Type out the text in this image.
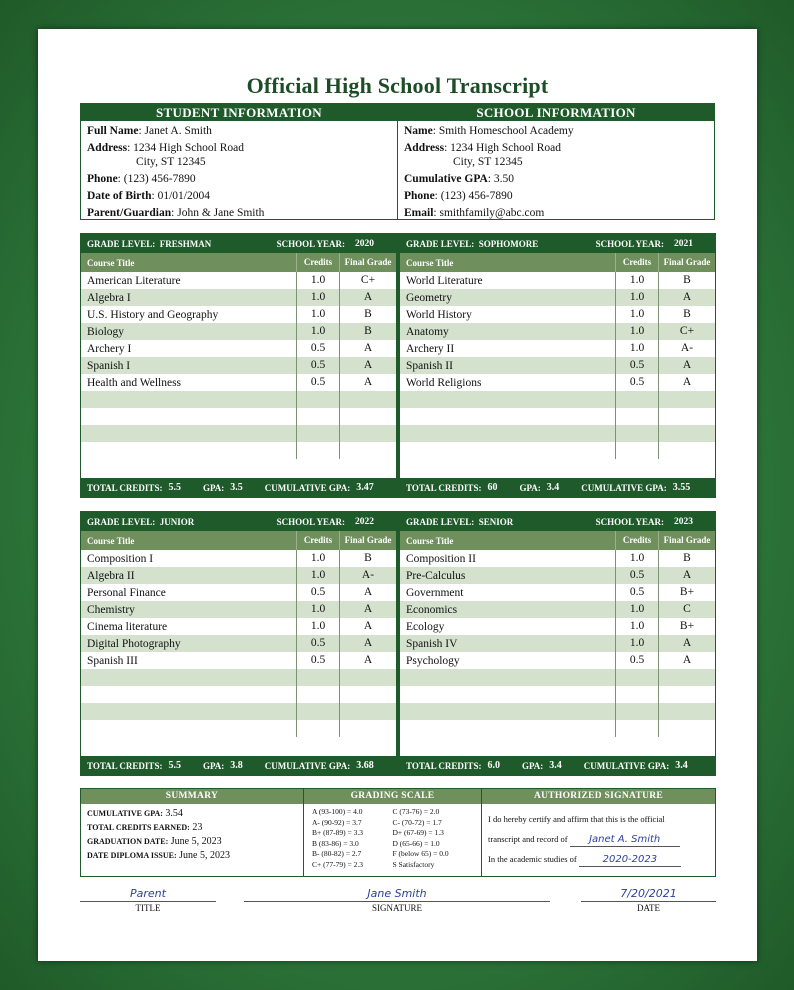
Official High School Transcript
STUDENT INFORMATION
Full Name: Janet A. Smith
Address: 1234 High School Road
City, ST 12345
Phone: (123) 456-7890
Date of Birth: 01/01/2004
Parent/Guardian: John & Jane Smith
SCHOOL INFORMATION
Name: Smith Homeschool Academy
Address: 1234 High School Road
City, ST 12345
Cumulative GPA: 3.50
Phone: (123) 456-7890
Email: smithfamily@abc.com
GRADE LEVEL:
FRESHMAN	SCHOOL YEAR: 2020
Course Title	Credits	Final Grade
American Literature	1.0	C+
Algebra I	1.0	A
U.S. History and Geography	1.0	B
Biology	1.0	B
Archery I	0.5	A
Spanish I	0.5	A
Health and Wellness	0.5	A
TOTAL CREDITS: 5.5 GPA: 3.5 CUMULATIVE GPA: 3.47
GRADE LEVEL:
SOPHOMORE	SCHOOL YEAR: 2021
Course Title	Credits	Final Grade
World Literature	1.0	B
Geometry	1.0	A
World History	1.0	B
Anatomy	1.0	C+
Archery II	1.0	A-
Spanish II	0.5	A
World Religions	0.5	A
TOTAL CREDITS: 60 GPA: 3.4 CUMULATIVE GPA: 3.55
GRADE LEVEL:
JUNIOR	SCHOOL YEAR: 2022
Course Title	Credits	Final Grade
Composition I	1.0	B
Algebra II	1.0	A-
Personal Finance	0.5	A
Chemistry	1.0	A
Cinema literature	1.0	A
Digital Photography	0.5	A
Spanish III	0.5	A
TOTAL CREDITS: 5.5 GPA: 3.8 CUMULATIVE GPA: 3.68
GRADE LEVEL:
SENIOR	SCHOOL YEAR: 2023
Course Title	Credits	Final Grade
Composition II	1.0	B
Pre-Calculus	0.5	A
Government	0.5	B+
Economics	1.0	C
Ecology	1.0	B+
Spanish IV	1.0	A
Psychology	0.5	A
TOTAL CREDITS: 6.0 GPA: 3.4 CUMULATIVE GPA: 3.4
SUMMARY
CUMULATIVE GPA: 3.54
TOTAL CREDITS EARNED: 23
GRADUATION DATE: June 5, 2023
DATE DIPLOMA ISSUE: June 5, 2023
GRADING SCALE
A (93-100) = 4.0
A- (90-92) = 3.7
B+ (87-89) = 3.3
B (83-86) = 3.0
B- (80-82) = 2.7
C+ (77-79) = 2.3
C (73-76) = 2.0
C- (70-72) = 1.7
D+ (67-69) = 1.3
D (65-66) = 1.0
F (below 65) = 0.0
S Satisfactory
AUTHORIZED SIGNATURE
I do hereby certify and affirm that this is the official
transcript and record of Janet A. Smith
In the academic studies of	2020-2023
Parent
TITLE
Jane Smith
SIGNATURE
7/20/2021
DATE
